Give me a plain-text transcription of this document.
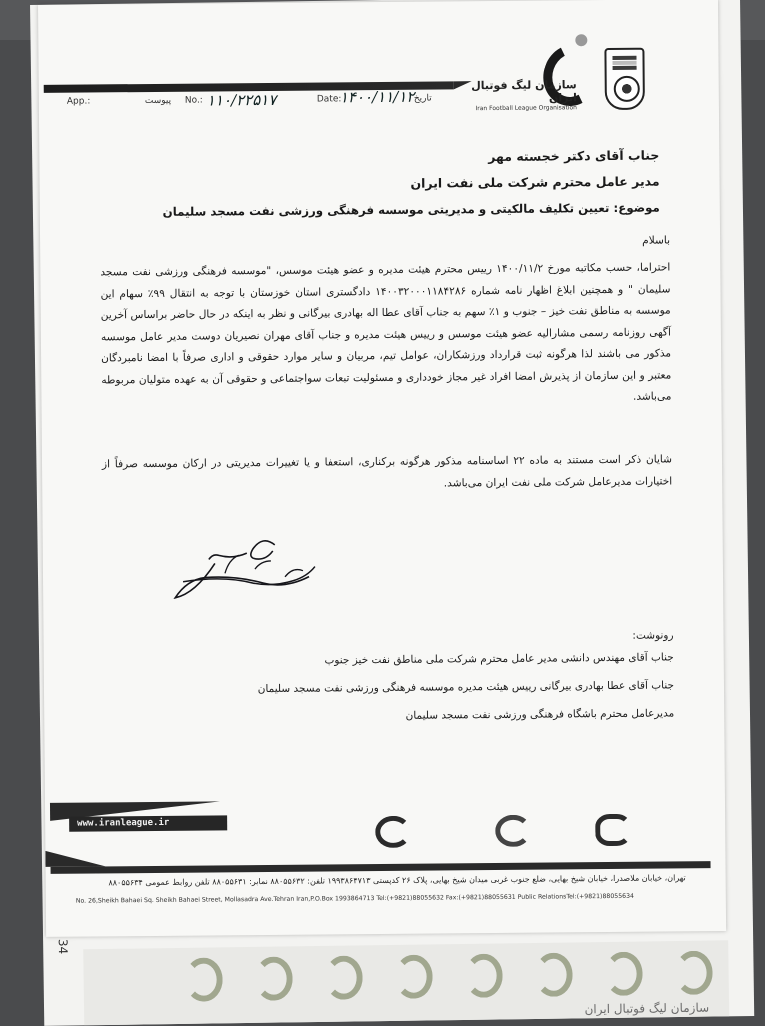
34
سازمان لیگ فوتبال ایران
سازمان لیگ فوتبال ایران
Iran Football League Organisation
App.:	پیوست No.: ۱۱۰/۲۲۵۱۷	Date:
۱۴۰۰/۱۱/۱۲ تاریخ
جناب آقای دکتر خجسته مهر
مدیر عامل محترم شرکت ملی نفت ایران
موضوع: تعیین تکلیف مالکیتی و مدیریتی موسسه فرهنگی ورزشی نفت مسجد سلیمان
باسلام
احتراما، حسب مکاتبه مورخ ۱۴۰۰/۱۱/۲ رییس محترم هیئت مدیره و عضو هیئت موسس، "موسسه فرهنگی ورزشی نفت مسجد سلیمان " و همچنین ابلاغ اظهار نامه شماره ۱۴۰۰۳۲۰۰۰۱۱۸۴۲۸۶ دادگستری استان خوزستان با توجه به انتقال ۹۹٪ سهام این موسسه به مناطق نفت خیز – جنوب و ۱٪ سهم به جناب آقای عطا اله بهادری بیرگانی و نظر به اینکه در حال حاضر براساس آخرین آگهی روزنامه رسمی مشارالیه عضو هیئت موسس و رییس هیئت مدیره و جناب آقای مهران نصیریان دوست مدیر عامل موسسه مذکور می باشند لذا هرگونه ثبت قرارداد ورزشکاران، عوامل تیم، مربیان و سایر موارد حقوقی و اداری صرفاً با امضا نامبردگان معتبر و این سازمان از پذیرش امضا افراد غیر مجاز خودداری و مسئولیت تبعات سواجتماعی و حقوقی آن به عهده متولیان مربوطه می‌باشد.
شایان ذکر است مستند به ماده ۲۲ اساسنامه مذکور هرگونه برکناری، استعفا و یا تغییرات مدیریتی در ارکان موسسه صرفاً از اختیارات مدیرعامل شرکت ملی نفت ایران می‌باشد.
رونوشت:
جناب آقای مهندس دانشی مدیر عامل محترم شرکت ملی مناطق نفت خیز جنوب
جناب آقای عطا بهادری بیرگانی رییس هیئت مدیره موسسه فرهنگی ورزشی نفت مسجد سلیمان
مدیرعامل محترم باشگاه فرهنگی ورزشی نفت مسجد سلیمان
www.iranleague.ir
تهران، خیابان ملاصدرا، خیابان شیخ بهایی، ضلع جنوب غربی میدان شیخ بهایی، پلاک ۲۶ کدپستی ۱۹۹۳۸۶۴۷۱۳ تلفن: ۸۸۰۵۵۶۳۲ نمابر: ۸۸۰۵۵۶۳۱ تلفن روابط عمومی ۸۸۰۵۵۶۳۴
No. 26,Sheikh Bahaei Sq. Sheikh Bahaei Street, Mollasadra Ave.Tehran Iran,P.O.Box 1993864713 Tel:(+9821)88055632 Fax:(+9821)88055631 Public RelationsTel:(+9821)88055634
